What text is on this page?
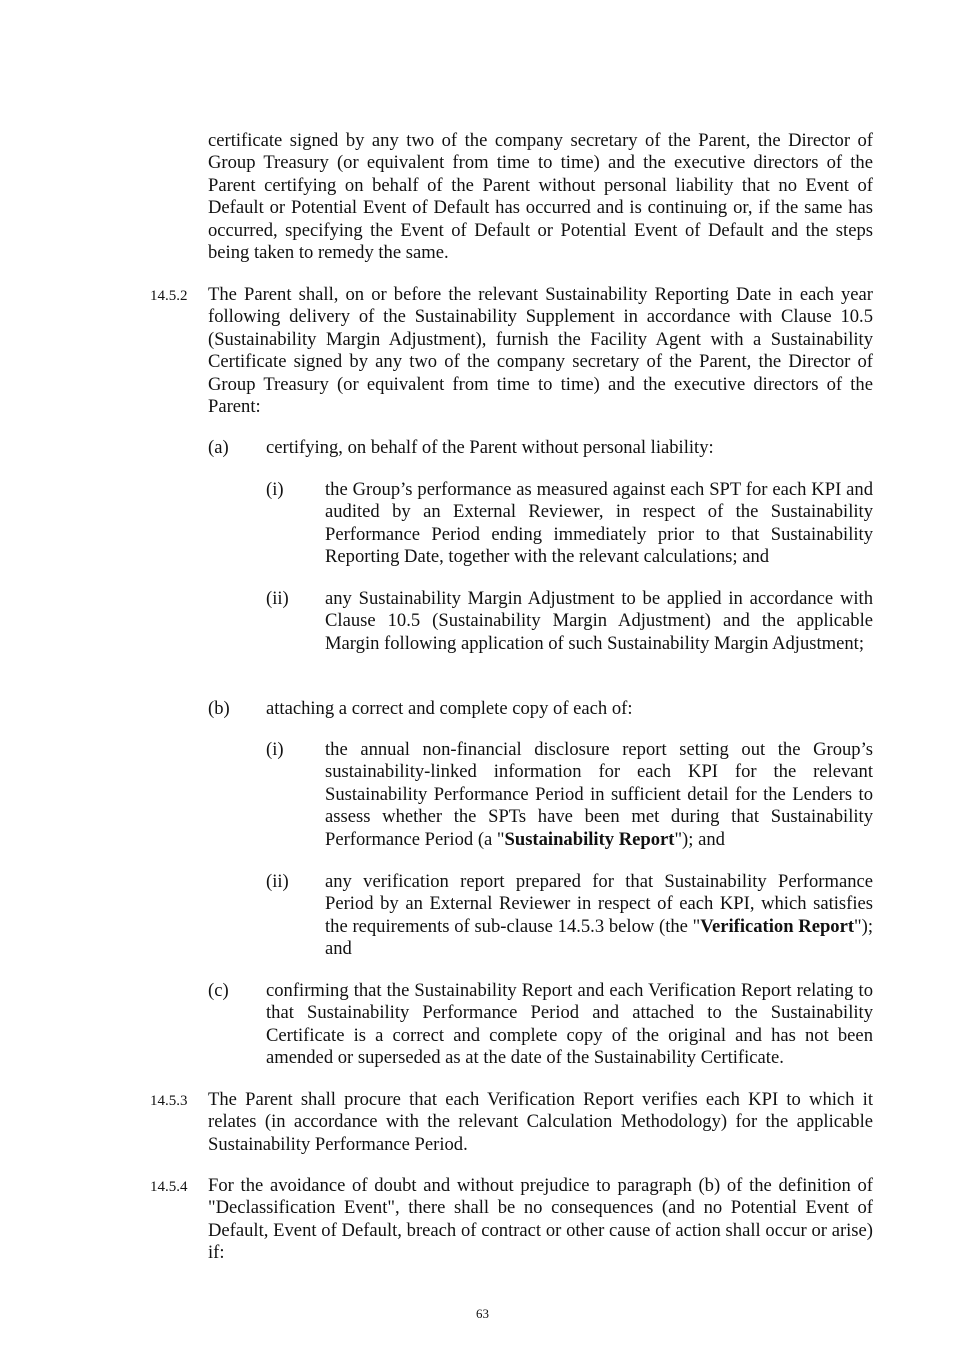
certificate signed by any two of the company secretary of the Parent, the Director of Group Treasury (or equivalent from time to time) and the executive directors of the Parent certifying on behalf of the Parent without personal liability that no Event of Default or Potential Event of Default has occurred and is continuing or, if the same has occurred, specifying the Event of Default or Potential Event of Default and the steps being taken to remedy the same.

14.5.2 The Parent shall, on or before the relevant Sustainability Reporting Date in each year following delivery of the Sustainability Supplement in accordance with Clause 10.5 (Sustainability Margin Adjustment), furnish the Facility Agent with a Sustainability Certificate signed by any two of the company secretary of the Parent, the Director of Group Treasury (or equivalent from time to time) and the executive directors of the Parent:

(a) certifying, on behalf of the Parent without personal liability:

(i) the Group’s performance as measured against each SPT for each KPI and audited by an External Reviewer, in respect of the Sustainability Performance Period ending immediately prior to that Sustainability Reporting Date, together with the relevant calculations; and

(ii) any Sustainability Margin Adjustment to be applied in accordance with Clause 10.5 (Sustainability Margin Adjustment) and the applicable Margin following application of such Sustainability Margin Adjustment;

(b) attaching a correct and complete copy of each of:

(i) the annual non-financial disclosure report setting out the Group’s sustainability-linked information for each KPI for the relevant Sustainability Performance Period in sufficient detail for the Lenders to assess whether the SPTs have been met during that Sustainability Performance Period (a "Sustainability Report"); and

(ii) any verification report prepared for that Sustainability Performance Period by an External Reviewer in respect of each KPI, which satisfies the requirements of sub-clause 14.5.3 below (the "Verification Report"); and

(c) confirming that the Sustainability Report and each Verification Report relating to that Sustainability Performance Period and attached to the Sustainability Certificate is a correct and complete copy of the original and has not been amended or superseded as at the date of the Sustainability Certificate.

14.5.3 The Parent shall procure that each Verification Report verifies each KPI to which it relates (in accordance with the relevant Calculation Methodology) for the applicable Sustainability Performance Period.

14.5.4 For the avoidance of doubt and without prejudice to paragraph (b) of the definition of "Declassification Event", there shall be no consequences (and no Potential Event of Default, Event of Default, breach of contract or other cause of action shall occur or arise) if:

63
